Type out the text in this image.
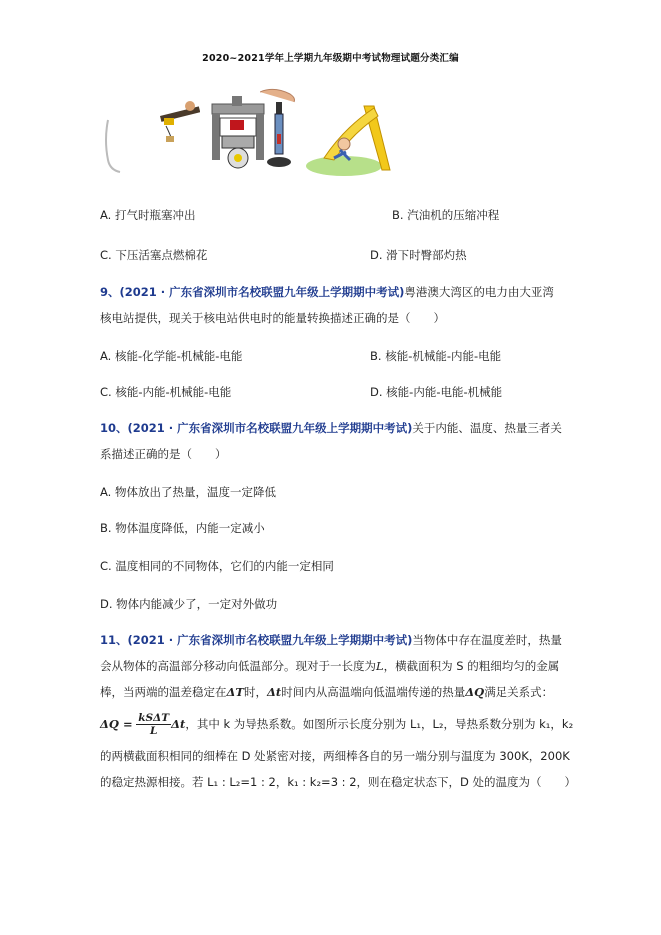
2020~2021学年上学期九年级期中考试物理试题分类汇编
A. 打气时瓶塞冲出	B. 汽油机的压缩冲程
C. 下压活塞点燃棉花	D. 滑下时臀部灼热
9、(2021 · 广东省深圳市名校联盟九年级上学期期中考试)粤港澳大湾区的电力由大亚湾
核电站提供，现关于核电站供电时的能量转换描述正确的是（　　）
A. 核能-化学能-机械能-电能	B. 核能-机械能-内能-电能
C. 核能-内能-机械能-电能	D. 核能-内能-电能-机械能
10、(2021 · 广东省深圳市名校联盟九年级上学期期中考试)关于内能、温度、热量三者关
系描述正确的是（　　）
A. 物体放出了热量，温度一定降低
B. 物体温度降低，内能一定减小
C. 温度相同的不同物体，它们的内能一定相同
D. 物体内能减少了，一定对外做功
11、(2021 · 广东省深圳市名校联盟九年级上学期期中考试)当物体中存在温度差时，热量
会从物体的高温部分移动向低温部分。现对于一长度为L，横截面积为 S 的粗细均匀的金属
棒，当两端的温差稳定在ΔT时，Δt时间内从高温端向低温端传递的热量ΔQ满足关系式：
$\Delta Q = \frac{\text{kSΔT}}{L}$ Δt，其中 k 为导热系数。如图所示长度分别为 L₁，L₂，导热系数分别为 k₁，k₂
的两横截面积相同的细棒在 D 处紧密对接，两细棒各自的另一端分别与温度为 300K，200K
的稳定热源相接。若 L₁ : L₂=1 : 2，k₁ : k₂=3 : 2，则在稳定状态下，D 处的温度为（　　）
